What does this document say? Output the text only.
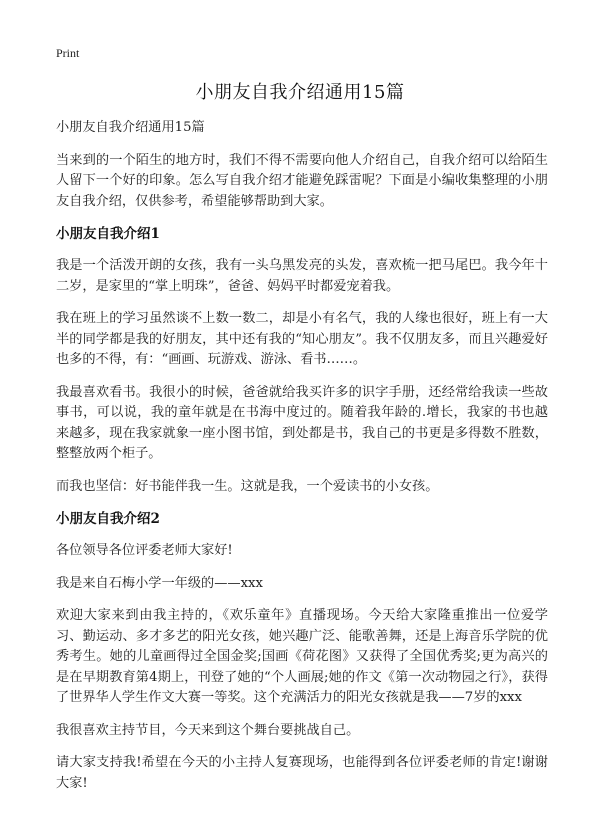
Print
小朋友自我介绍通用15篇

小朋友自我介绍通用15篇

当来到的一个陌生的地方时，我们不得不需要向他人介绍自己，自我介绍可以给陌生人留下一个好的印象。怎么写自我介绍才能避免踩雷呢？下面是小编收集整理的小朋友自我介绍，仅供参考，希望能够帮助到大家。

小朋友自我介绍1

我是一个活泼开朗的女孩，我有一头乌黑发亮的头发，喜欢梳一把马尾巴。我今年十二岁，是家里的“掌上明珠”，爸爸、妈妈平时都爱宠着我。

我在班上的学习虽然谈不上数一数二，却是小有名气，我的人缘也很好，班上有一大半的同学都是我的好朋友，其中还有我的“知心朋友”。我不仅朋友多，而且兴趣爱好也多的不得，有：“画画、玩游戏、游泳、看书……。

我最喜欢看书。我很小的时候，爸爸就给我买许多的识字手册，还经常给我读一些故事书，可以说，我的童年就是在书海中度过的。随着我年龄的.增长，我家的书也越来越多，现在我家就象一座小图书馆，到处都是书，我自己的书更是多得数不胜数，整整放两个柜子。

而我也坚信：好书能伴我一生。这就是我，一个爱读书的小女孩。

小朋友自我介绍2

各位领导各位评委老师大家好!

我是来自石梅小学一年级的——xxx

欢迎大家来到由我主持的，《欢乐童年》直播现场。今天给大家隆重推出一位爱学习、勤运动、多才多艺的阳光女孩，她兴趣广泛、能歌善舞，还是上海音乐学院的优秀考生。她的儿童画得过全国金奖;国画《荷花图》又获得了全国优秀奖;更为高兴的是在早期教育第4期上，刊登了她的“个人画展;她的作文《第一次动物园之行》，获得了世界华人学生作文大赛一等奖。这个充满活力的阳光女孩就是我——7岁的xxx

我很喜欢主持节目，今天来到这个舞台要挑战自己。

请大家支持我!希望在今天的小主持人复赛现场，也能得到各位评委老师的肯定!谢谢大家!
